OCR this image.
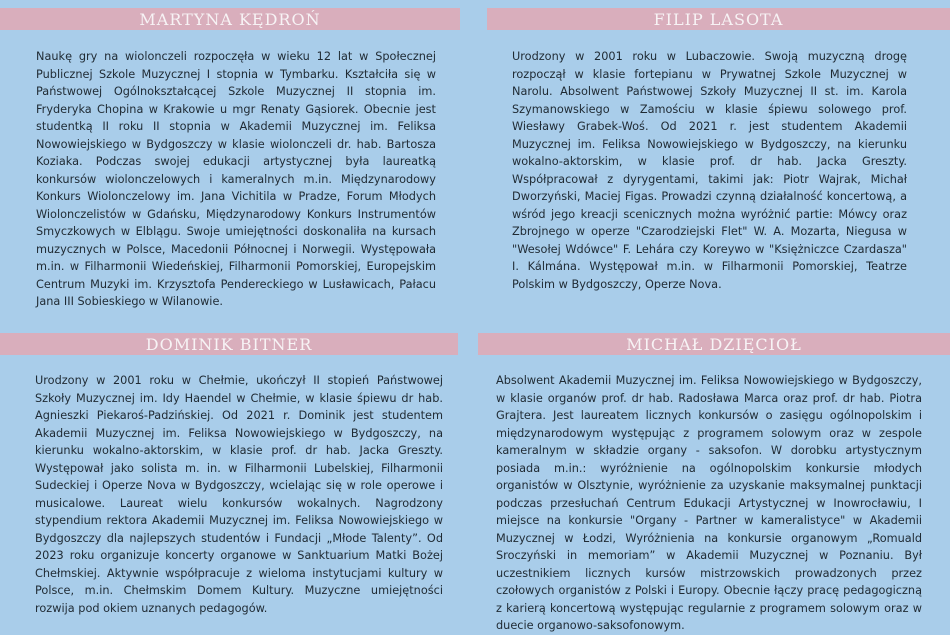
MARTYNA KĘDROŃ

Naukę gry na wiolonczeli rozpoczęła w wieku 12 lat w Społecznej Publicznej Szkole Muzycznej I stopnia w Tymbarku. Kształciła się w Państwowej Ogólnokształcącej Szkole Muzycznej II stopnia im. Fryderyka Chopina w Krakowie u mgr Renaty Gąsiorek. Obecnie jest studentką II roku II stopnia w Akademii Muzycznej im. Feliksa Nowowiejskiego w Bydgoszczy w klasie wiolonczeli dr. hab. Bartosza Koziaka. Podczas swojej edukacji artystycznej była laureatką konkursów wiolonczelowych i kameralnych m.in. Międzynarodowy Konkurs Wiolonczelowy im. Jana Vichitila w Pradze, Forum Młodych Wiolonczelistów w Gdańsku, Międzynarodowy Konkurs Instrumentów Smyczkowych w Elblągu. Swoje umiejętności doskonaliła na kursach muzycznych w Polsce, Macedonii Północnej i Norwegii. Występowała m.in. w Filharmonii Wiedeńskiej, Filharmonii Pomorskiej, Europejskim Centrum Muzyki im. Krzysztofa Pendereckiego w Lusławicach, Pałacu Jana III Sobieskiego w Wilanowie.

FILIP LASOTA

Urodzony w 2001 roku w Lubaczowie. Swoją muzyczną drogę rozpoczął w klasie fortepianu w Prywatnej Szkole Muzycznej w Narolu. Absolwent Państwowej Szkoły Muzycznej II st. im. Karola Szymanowskiego w Zamościu w klasie śpiewu solowego prof. Wiesławy Grabek-Woś. Od 2021 r. jest studentem Akademii Muzycznej im. Feliksa Nowowiejskiego w Bydgoszczy, na kierunku wokalno-aktorskim, w klasie prof. dr hab. Jacka Greszty. Współpracował z dyrygentami, takimi jak: Piotr Wajrak, Michał Dworzyński, Maciej Figas. Prowadzi czynną działalność koncertową, a wśród jego kreacji scenicznych można wyróżnić partie: Mówcy oraz Zbrojnego w operze "Czarodziejski Flet" W. A. Mozarta, Niegusa w "Wesołej Wdówce" F. Lehára czy Koreywo w "Księżniczce Czardasza" I. Kálmána. Występował m.in. w Filharmonii Pomorskiej, Teatrze Polskim w Bydgoszczy, Operze Nova.

DOMINIK BITNER

Urodzony w 2001 roku w Chełmie, ukończył II stopień Państwowej Szkoły Muzycznej im. Idy Haendel w Chełmie, w klasie śpiewu dr hab. Agnieszki Piekaroś-Padzińskiej. Od 2021 r. Dominik jest studentem Akademii Muzycznej im. Feliksa Nowowiejskiego w Bydgoszczy, na kierunku wokalno-aktorskim, w klasie prof. dr hab. Jacka Greszty. Występował jako solista m. in. w Filharmonii Lubelskiej, Filharmonii Sudeckiej i Operze Nova w Bydgoszczy, wcielając się w role operowe i musicalowe. Laureat wielu konkursów wokalnych. Nagrodzony stypendium rektora Akademii Muzycznej im. Feliksa Nowowiejskiego w Bydgoszczy dla najlepszych studentów i Fundacji „Młode Talenty”. Od 2023 roku organizuje koncerty organowe w Sanktuarium Matki Bożej Chełmskiej. Aktywnie współpracuje z wieloma instytucjami kultury w Polsce, m.in. Chełmskim Domem Kultury. Muzyczne umiejętności rozwija pod okiem uznanych pedagogów.

MICHAŁ DZIĘCIOŁ

Absolwent Akademii Muzycznej im. Feliksa Nowowiejskiego w Bydgoszczy, w klasie organów prof. dr hab. Radosława Marca oraz prof. dr hab. Piotra Grajtera. Jest laureatem licznych konkursów o zasięgu ogólnopolskim i międzynarodowym występując z programem solowym oraz w zespole kameralnym w składzie organy - saksofon. W dorobku artystycznym posiada m.in.: wyróżnienie na ogólnopolskim konkursie młodych organistów w Olsztynie, wyróżnienie za uzyskanie maksymalnej punktacji podczas przesłuchań Centrum Edukacji Artystycznej w Inowrocławiu, I miejsce na konkursie "Organy - Partner w kameralistyce" w Akademii Muzycznej w Łodzi, Wyróżnienia na konkursie organowym „Romuald Sroczyński in memoriam” w Akademii Muzycznej w Poznaniu. Był uczestnikiem licznych kursów mistrzowskich prowadzonych przez czołowych organistów z Polski i Europy. Obecnie łączy pracę pedagogiczną z karierą koncertową występując regularnie z programem solowym oraz w duecie organowo-saksofonowym.
